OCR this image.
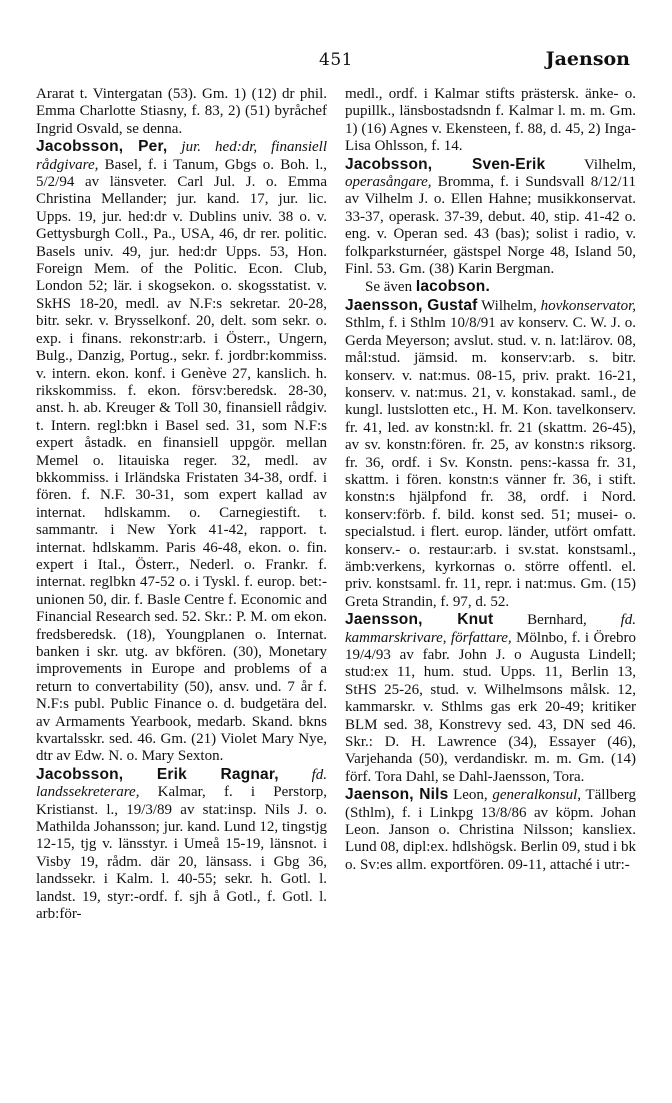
451	Jaenson

Ararat t. Vintergatan (53). Gm. 1) (12) dr phil. Emma Charlotte Stiasny, f. 83, 2) (51) byråchef Ingrid Osvald, se denna.

Jacobsson, Per, jur. hed:dr, finansiell rådgivare, Basel, f. i Tanum, Gbgs o. Boh. l., 5/2/94 av länsveter. Carl Jul. J. o. Emma Christina Mellander; jur. kand. 17, jur. lic. Upps. 19, jur. hed:dr v. Dublins univ. 38 o. v. Gettysburgh Coll., Pa., USA, 46, dr rer. politic. Basels univ. 49, jur. hed:dr Upps. 53, Hon. Foreign Mem. of the Politic. Econ. Club, London 52; lär. i skogsekon. o. skogsstatist. v. SkHS 18-20, medl. av N.F:s sekretar. 20-28, bitr. sekr. v. Brysselkonf. 20, delt. som sekr. o. exp. i finans. rekonstr:arb. i Österr., Ungern, Bulg., Danzig, Portug., sekr. f. jordbr:kommiss. v. intern. ekon. konf. i Genève 27, kanslich. h. rikskommiss. f. ekon. försv:beredsk. 28-30, anst. h. ab. Kreuger & Toll 30, finansiell rådgiv. t. Intern. regl:bkn i Basel sed. 31, som N.F:s expert åstadk. en finansiell uppgör. mellan Memel o. litauiska reger. 32, medl. av bkkommiss. i Irländska Fristaten 34-38, ordf. i fören. f. N.F. 30-31, som expert kallad av internat. hdlskamm. o. Carnegiestift. t. sammantr. i New York 41-42, rapport. t. internat. hdlskamm. Paris 46-48, ekon. o. fin. expert i Ital., Österr., Nederl. o. Frankr. f. internat. reglbkn 47-52 o. i Tyskl. f. europ. bet:-unionen 50, dir. f. Basle Centre f. Economic and Financial Research sed. 52. Skr.: P. M. om ekon. fredsberedsk. (18), Youngplanen o. Internat. banken i skr. utg. av bkfören. (30), Monetary improvements in Europe and problems of a return to convertability (50), ansv. und. 7 år f. N.F:s publ. Public Finance o. d. budgetära del. av Armaments Yearbook, medarb. Skand. bkns kvartalsskr. sed. 46. Gm. (21) Violet Mary Nye, dtr av Edw. N. o. Mary Sexton.

Jacobsson, Erik Ragnar, fd. landssekreterare, Kalmar, f. i Perstorp, Kristianst. l., 19/3/89 av stat:insp. Nils J. o. Mathilda Johansson; jur. kand. Lund 12, tingstjg 12-15, tjg v. länsstyr. i Umeå 15-19, länsnot. i Visby 19, rådm. där 20, länsass. i Gbg 36, landssekr. i Kalm. l. 40-55; sekr. h. Gotl. l. landst. 19, styr:-ordf. f. sjh å Gotl., f. Gotl. l. arb:för-

medl., ordf. i Kalmar stifts prästersk. änke- o. pupillk., länsbostadsndn f. Kalmar l. m. m. Gm. 1) (16) Agnes v. Ekensteen, f. 88, d. 45, 2) Inga-Lisa Ohlsson, f. 14.

Jacobsson, Sven-Erik	Vilhelm, operasångare, Bromma, f. i Sundsvall 8/12/11 av Vilhelm J. o. Ellen Hahne; musikkonservat. 33-37, operask. 37-39, debut. 40, stip. 41-42 o. eng. v. Operan sed. 43 (bas); solist i radio, v. folkparksturnéer, gästspel Norge 48, Island 50, Finl. 53. Gm. (38) Karin Bergman.

Se även Iacobson.

Jaensson, Gustaf Wilhelm, hovkonservator, Sthlm, f. i Sthlm 10/8/91 av konserv. C. W. J. o. Gerda Meyerson; avslut. stud. v. n. lat:lärov. 08, mål:stud. jämsid. m. konserv:arb. s. bitr. konserv. v. nat:mus. 08-15, priv. prakt. 16-21, konserv. v. nat:mus. 21, v. konstakad. saml., de kungl. lustslotten etc., H. M. Kon. tavelkonserv. fr. 41, led. av konstn:kl. fr. 21 (skattm. 26-45), av sv. konstn:fören. fr. 25, av konstn:s riksorg. fr. 36, ordf. i Sv. Konstn. pens:-kassa fr. 31, skattm. i fören. konstn:s vänner fr. 36, i stift. konstn:s hjälpfond fr. 38, ordf. i Nord. konserv:förb. f. bild. konst sed. 51; musei- o. specialstud. i flert. europ. länder, utfört omfatt. konserv.- o. restaur:arb. i sv.stat. konstsaml., ämb:verkens, kyrkornas o. större offentl. el. priv. konstsaml. fr. 11, repr. i nat:mus. Gm. (15) Greta Strandin, f. 97, d. 52.

Jaensson, Knut Bernhard, fd. kammarskrivare, författare, Mölnbo, f. i Örebro 19/4/93 av fabr. John J. o Augusta Lindell; stud:ex 11, hum. stud. Upps. 11, Berlin 13, StHS 25-26, stud. v. Wilhelmsons målsk. 12, kammarskr. v. Sthlms gas erk 20-49; kritiker BLM sed. 38, Konstrevy sed. 43, DN sed 46. Skr.: D. H. Lawrence (34), Essayer (46), Varjehanda (50), verdandiskr. m. m. Gm. (14) förf. Tora Dahl, se Dahl-Jaensson, Tora.

Jaenson, Nils Leon, generalkonsul, Tällberg (Sthlm), f. i Linkpg 13/8/86 av köpm. Johan Leon. Janson o. Christina Nilsson; kansliex. Lund 08, dipl:ex. hdlshögsk. Berlin 09, stud i bk o. Sv:es allm. exportfören. 09-11, attaché i utr:-
